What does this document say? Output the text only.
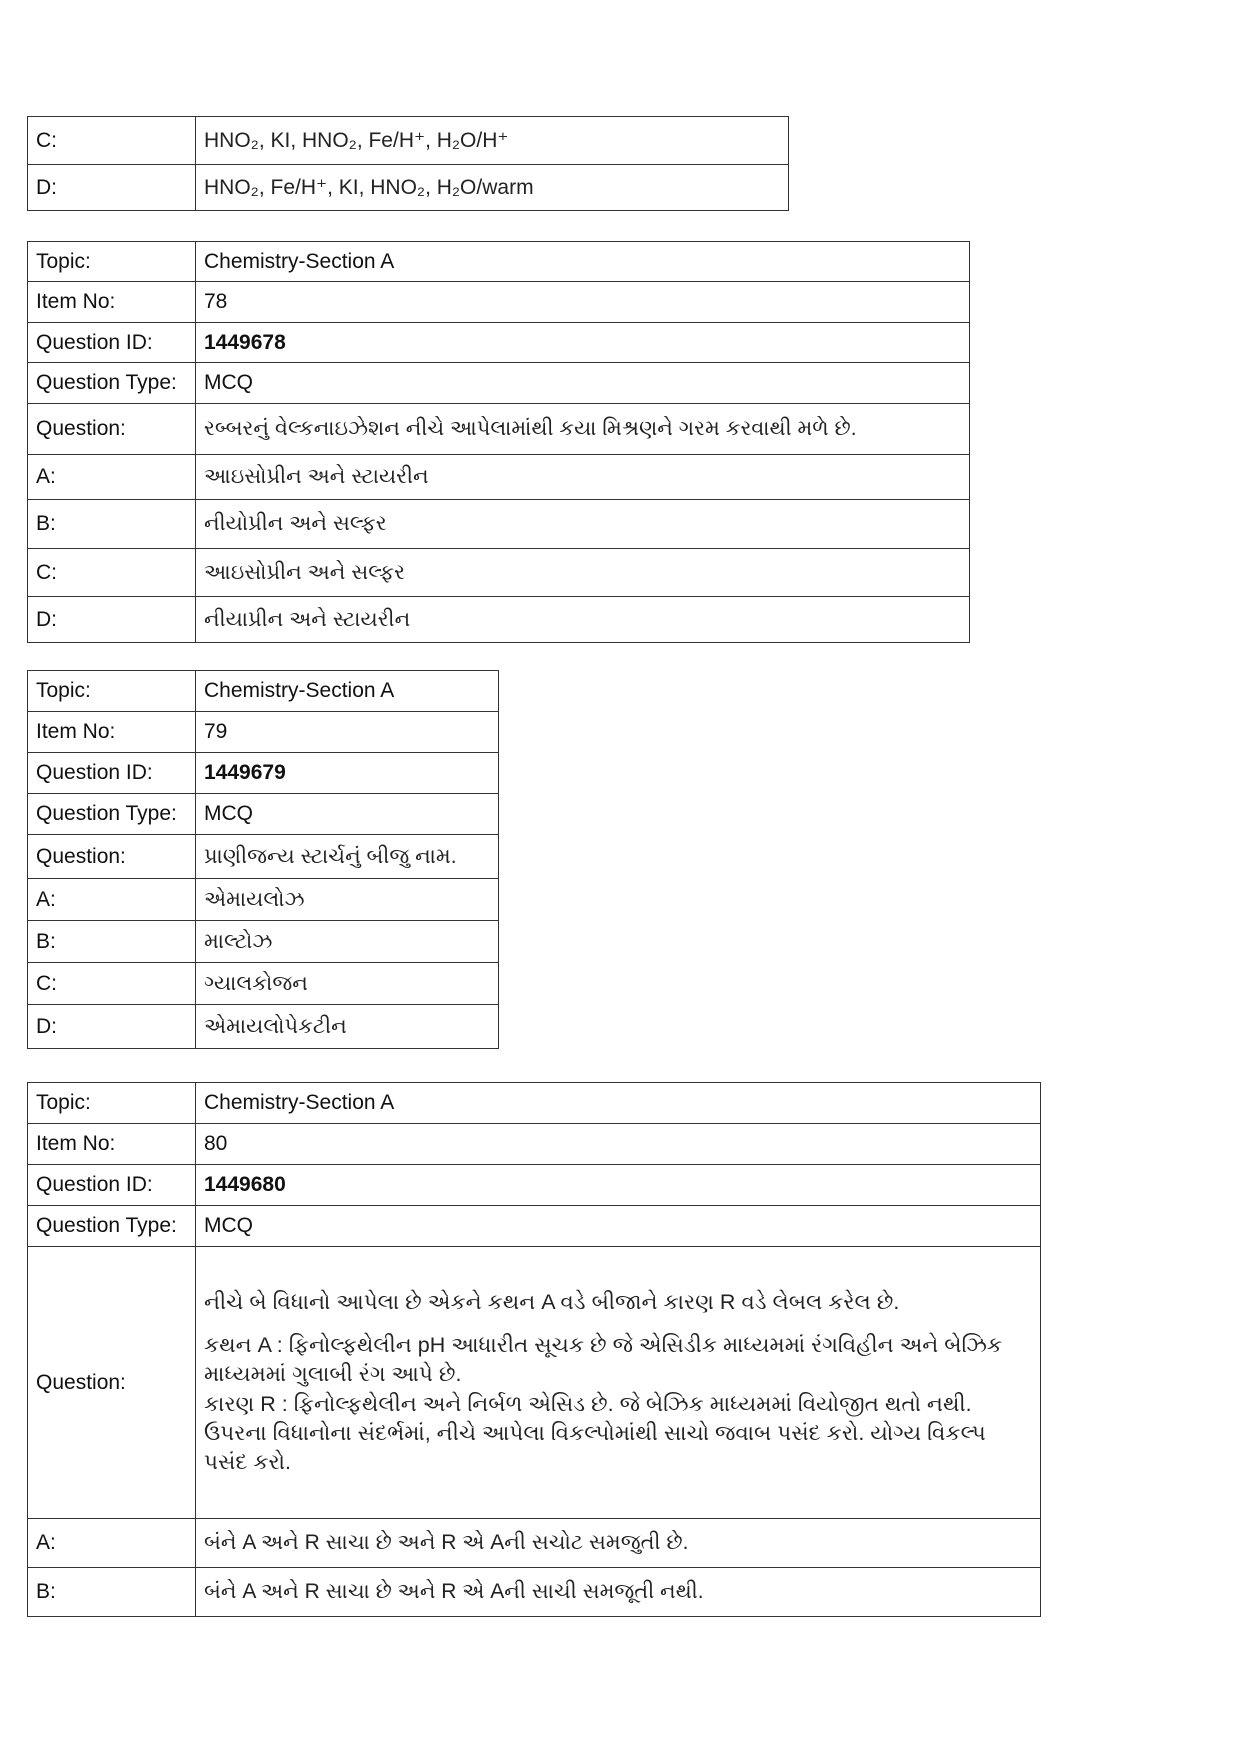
C:	HNO₂, KI, HNO₂, Fe/H⁺, H₂O/H⁺
D:	HNO₂, Fe/H⁺, KI, HNO₂, H₂O/warm
Topic:	Chemistry-Section A
Item No:	78
Question ID:	1449678
Question Type:	MCQ
Question:	રબ્બરનું વેલ્કનાઇઝેશન નીચે આપેલામાંથી કયા મિશ્રણને ગરમ કરવાથી મળે છે.
A:	આઇસોપ્રીન અને સ્ટાયરીન
B:	નીયોપ્રીન અને સલ્ફર
C:	આઇસોપ્રીન અને સલ્ફર
D:	નીયાપ્રીન અને સ્ટાયરીન
Topic:	Chemistry-Section A
Item No:	79
Question ID:	1449679
Question Type:	MCQ
Question:	પ્રાણીજન્ય સ્ટાર્ચનું બીજુ નામ.
A:	એમાયલોઝ
B:	માલ્ટોઝ
C:	ગ્યાલકોજન
D:	એમાયલોપેકટીન
Topic:	Chemistry-Section A
Item No:	80
Question ID:	1449680
Question Type:	MCQ
Question:	નીચે બે વિધાનો આપેલા છે એકને કથન A વડે બીજાને કારણ R વડે લેબલ કરેલ છે.
કથન A : ફિનોલ્ફથેલીન pH આધારીત સૂચક છે જે એસિડીક માધ્યમમાં રંગવિહીન અને બેઝિક માધ્યમમાં ગુલાબી રંગ આપે છે.
કારણ R : ફિનોલ્ફથેલીન અને નિર્બળ એસિડ છે. જે બેઝિક માધ્યમમાં વિયોજીત થતો નથી.
ઉપરના વિધાનોના સંદર્ભમાં, નીચે આપેલા વિકલ્પોમાંથી સાચો જવાબ પસંદ કરો. યોગ્ય વિકલ્પ પસંદ કરો.

A:	બંને A અને R સાચા છે અને R એ Aની સચોટ સમજુતી છે.
B:	બંને A અને R સાચા છે અને R એ Aની સાચી સમજૂતી નથી.
